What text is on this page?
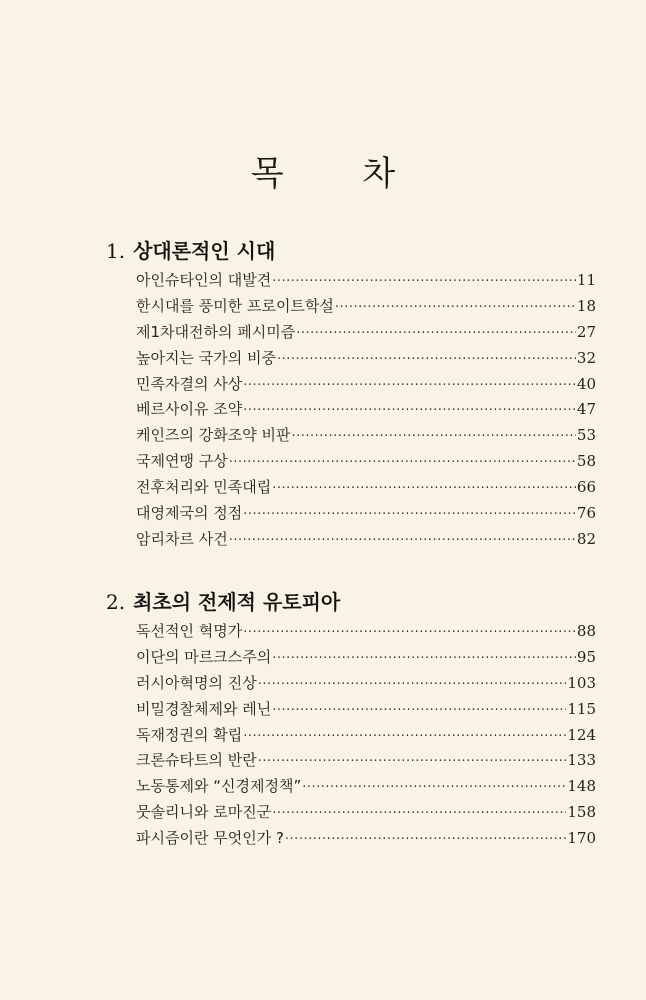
목 차
1. 상대론적인 시대
아인슈타인의 대발견 ·····	11
한시대를 풍미한 프로이트학설 ·····	18
제1차대전하의 페시미즘 ·····	27
높아지는 국가의 비중 ·····	32
민족자결의 사상 ·····	40
베르사이유 조약 ·····	47
케인즈의 강화조약 비판 ·····	53
국제연맹 구상 ·····	58
전후처리와 민족대립 ·····	66
대영제국의 정점 ·····	76
암리차르 사건 ·····	82
2. 최초의 전제적 유토피아
독선적인 혁명가 ·····	88
이단의 마르크스주의 ·····	95
러시아혁명의 진상 ·····	103
비밀경찰체제와 레닌 ·····	115
독재정권의 확립 ·····	124
크론슈타트의 반란 ·····	133
노동통제와 “신경제정책” ·····	148
뭇솔리니와 로마진군 ·····	158
파시즘이란 무엇인가 ? ·····	170
